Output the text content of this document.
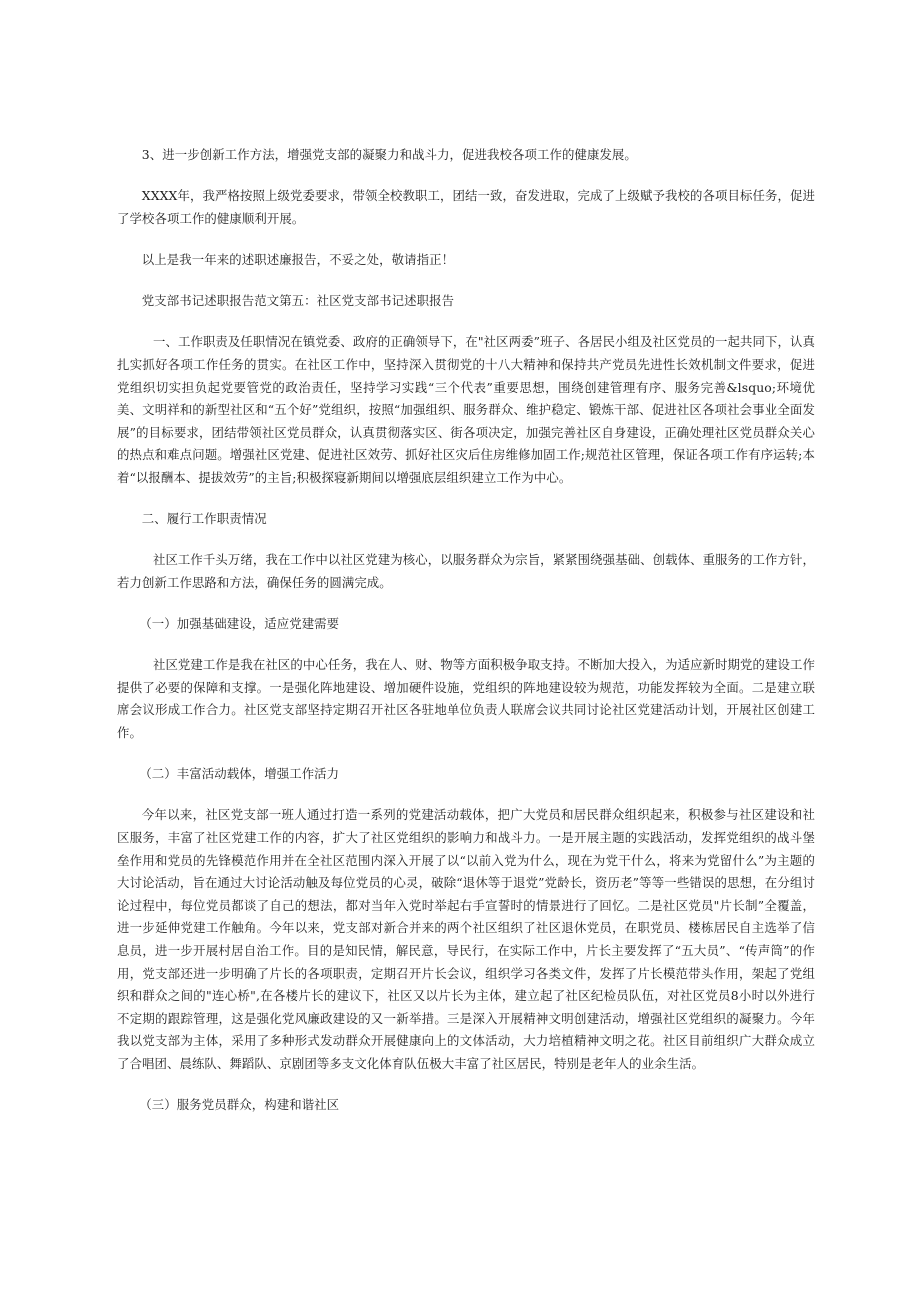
3、进一步创新工作方法，增强党支部的凝聚力和战斗力，促进我校各项工作的健康发展。

XXXX年，我严格按照上级党委要求，带领全校教职工，团结一致，奋发进取，完成了上级赋予我校的各项目标任务，促进了学校各项工作的健康顺利开展。

以上是我一年来的述职述廉报告，不妥之处，敬请指正！

党支部书记述职报告范文第五：社区党支部书记述职报告

一、工作职责及任职情况在镇党委、政府的正确领导下，在"社区两委”班子、各居民小组及社区党员的一起共同下，认真扎实抓好各项工作任务的贯实。在社区工作中，坚持深入贯彻党的十八大精神和保持共产党员先进性长效机制文件要求，促进党组织切实担负起党要管党的政治责任，坚持学习实践“三个代表”重要思想，围绕创建管理有序、服务完善&lsquo;环境优美、文明祥和的新型社区和“五个好”党组织，按照“加强组织、服务群众、维护稳定、锻炼干部、促进社区各项社会事业全面发展”的目标要求，团结带领社区党员群众，认真贯彻落实区、街各项决定，加强完善社区自身建设，正确处理社区党员群众关心的热点和难点问题。增强社区党建、促进社区效劳、抓好社区灾后住房维修加固工作;规范社区管理，保证各项工作有序运转;本着“以报酬本、提拔效劳”的主旨;积极探寝新期间以增强底层组织建立工作为中心。

二、履行工作职责情况

社区工作千头万绪，我在工作中以社区党建为核心，以服务群众为宗旨，紧紧围绕强基础、创载体、重服务的工作方针，若力创新工作思路和方法，确保任务的圆满完成。

（一）加强基础建设，适应党建需要

社区党建工作是我在社区的中心任务，我在人、财、物等方面积极争取支持。不断加大投入，为适应新时期党的建设工作提供了必要的保障和支撑。一是强化阵地建设、增加硬件设施，党组织的阵地建设较为规范，功能发挥较为全面。二是建立联席会议形成工作合力。社区党支部坚持定期召开社区各驻地单位负责人联席会议共同讨论社区党建活动计划，开展社区创建工作。

（二）丰富活动载体，增强工作活力

今年以来，社区党支部一班人通过打造一系列的党建活动载体，把广大党员和居民群众组织起来，积极参与社区建设和社区服务，丰富了社区党建工作的内容，扩大了社区党组织的影响力和战斗力。一是开展主题的实践活动，发挥党组织的战斗堡垒作用和党员的先锋模范作用并在全社区范围内深入开展了以“以前入党为什么，现在为党干什么，将来为党留什么”为主题的大讨论活动，旨在通过大讨论活动触及每位党员的心灵，破除“退休等于退党”党龄长，资历老”等等一些错误的思想，在分组讨论过程中，每位党员都谈了自己的想法，都对当年入党时举起右手宣誓时的情景进行了回忆。二是社区党员"片长制”全覆盖，进一步延伸党建工作触角。今年以来，党支部对新合并来的两个社区组织了社区退休党员，在职党员、楼栋居民自主选举了信息员，进一步开展村居自治工作。目的是知民情，解民意，导民行，在实际工作中，片长主要发挥了“五大员”、“传声筒”的作用，党支部还进一步明确了片长的各项职责，定期召开片长会议，组织学习各类文件，发挥了片长模范带头作用，架起了党组织和群众之间的"连心桥",在各楼片长的建议下，社区又以片长为主体，建立起了社区纪检员队伍，对社区党员8小时以外进行不定期的跟踪管理，这是强化党风廉政建设的又一新举措。三是深入开展精神文明创建活动，增强社区党组织的凝聚力。今年我以党支部为主体，采用了多种形式发动群众开展健康向上的文体活动，大力培植精神文明之花。社区目前组织广大群众成立了合唱团、晨练队、舞蹈队、京剧团等多支文化体育队伍极大丰富了社区居民，特别是老年人的业余生活。

（三）服务党员群众，构建和谐社区
